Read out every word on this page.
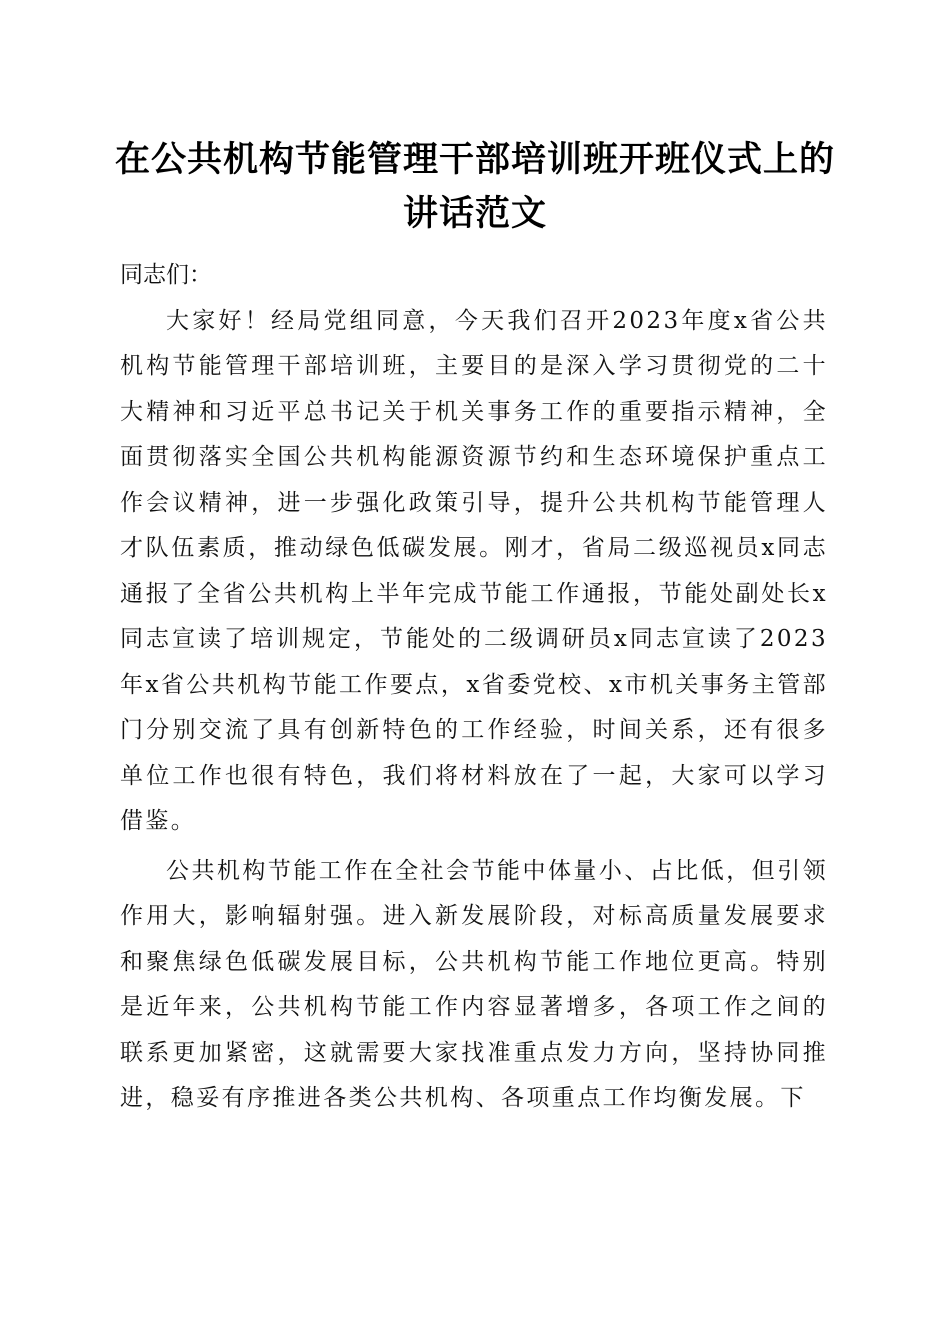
在公共机构节能管理干部培训班开班仪式上的
讲话范文

同志们：

大家好！经局党组同意，今天我们召开2023年度x省公共机构节能管理干部培训班，主要目的是深入学习贯彻党的二十大精神和习近平总书记关于机关事务工作的重要指示精神，全面贯彻落实全国公共机构能源资源节约和生态环境保护重点工作会议精神，进一步强化政策引导，提升公共机构节能管理人才队伍素质，推动绿色低碳发展。刚才，省局二级巡视员x同志通报了全省公共机构上半年完成节能工作通报，节能处副处长x同志宣读了培训规定，节能处的二级调研员x同志宣读了2023年x省公共机构节能工作要点，x省委党校、x市机关事务主管部门分别交流了具有创新特色的工作经验，时间关系，还有很多单位工作也很有特色，我们将材料放在了一起，大家可以学习借鉴。

公共机构节能工作在全社会节能中体量小、占比低，但引领作用大，影响辐射强。进入新发展阶段，对标高质量发展要求和聚焦绿色低碳发展目标，公共机构节能工作地位更高。特别是近年来，公共机构节能工作内容显著增多，各项工作之间的联系更加紧密，这就需要大家找准重点发力方向，坚持协同推进，稳妥有序推进各类公共机构、各项重点工作均衡发展。下
